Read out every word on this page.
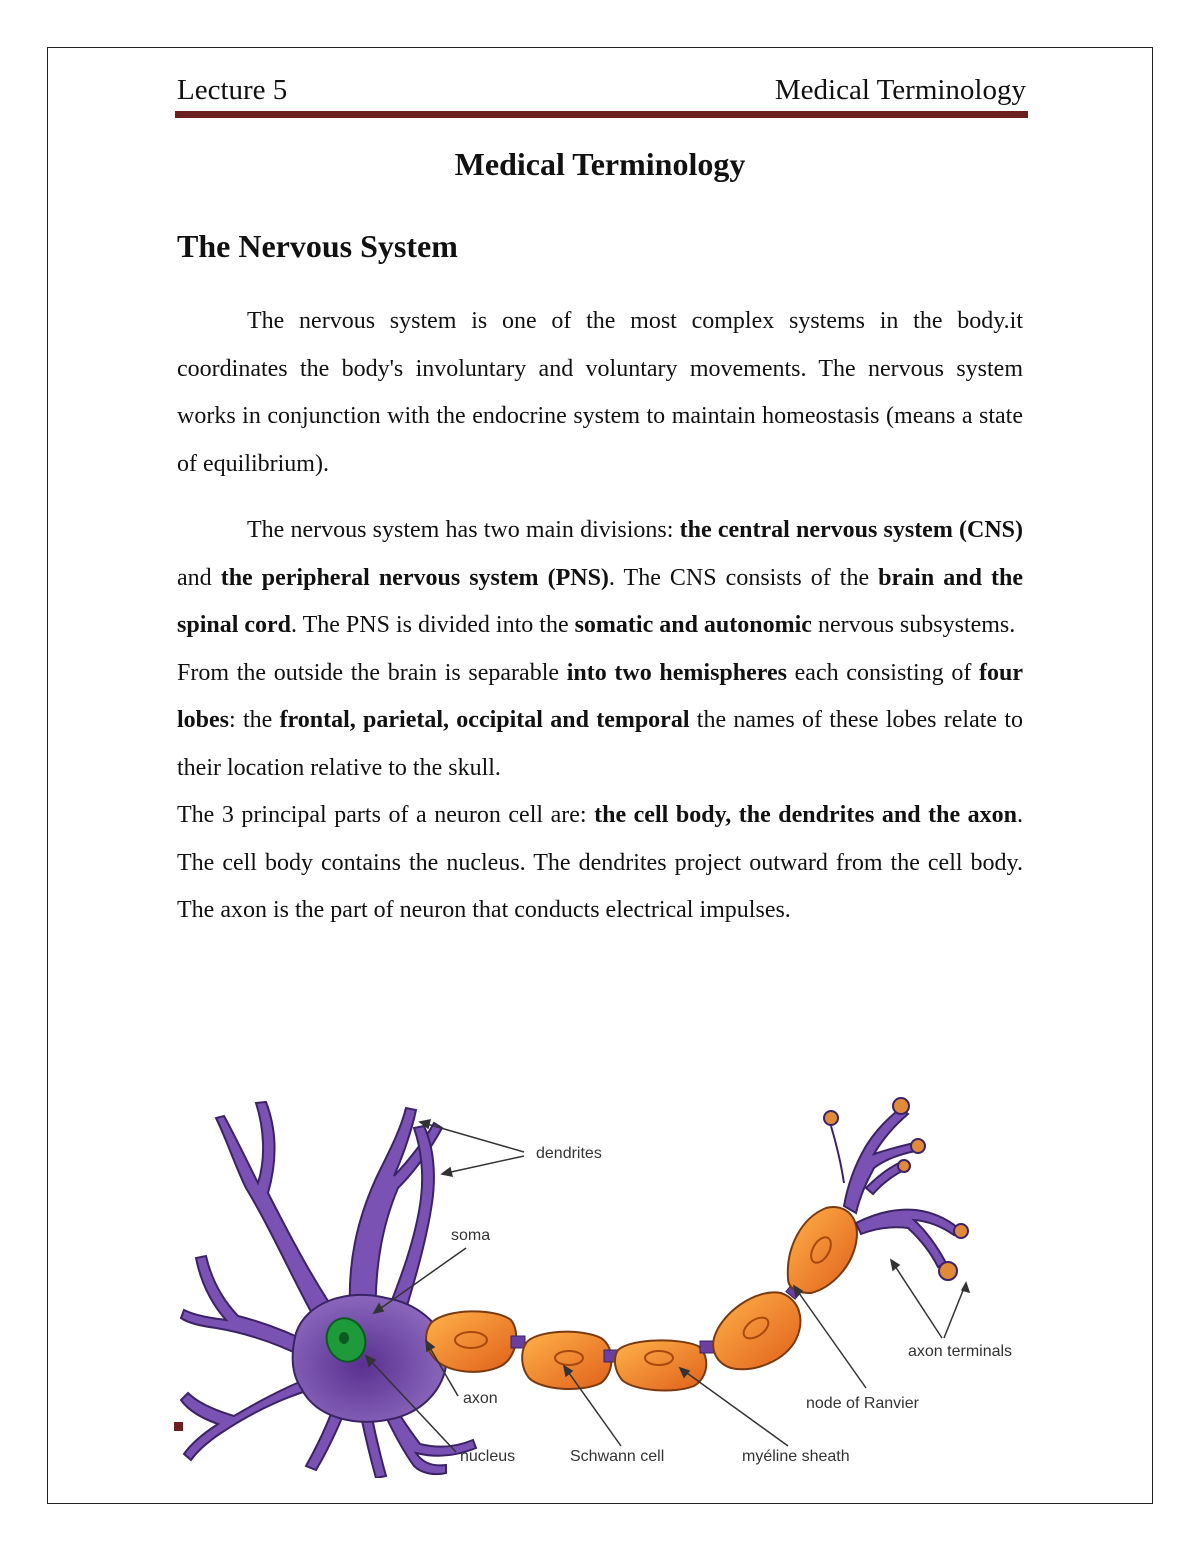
Lecture 5	Medical Terminology
Medical Terminology
The Nervous System

The nervous system is one of the most complex systems in the body.it coordinates the body's involuntary and voluntary movements. The nervous system works in conjunction with the endocrine system to maintain homeostasis (means a state of equilibrium).

The nervous system has two main divisions: the central nervous system (CNS) and the peripheral nervous system (PNS). The CNS consists of the brain and the spinal cord. The PNS is divided into the somatic and autonomic nervous subsystems.
From the outside the brain is separable into two hemispheres each consisting of four lobes: the frontal, parietal, occipital and temporal the names of these lobes relate to their location relative to the skull.
The 3 principal parts of a neuron cell are: the cell body, the dendrites and the axon. The cell body contains the nucleus. The dendrites project outward from the cell body. The axon is the part of neuron that conducts electrical impulses.
dendrites
soma
axon
nucleus	Schwann cell	myéline sheath
node of Ranvier
axon terminals
